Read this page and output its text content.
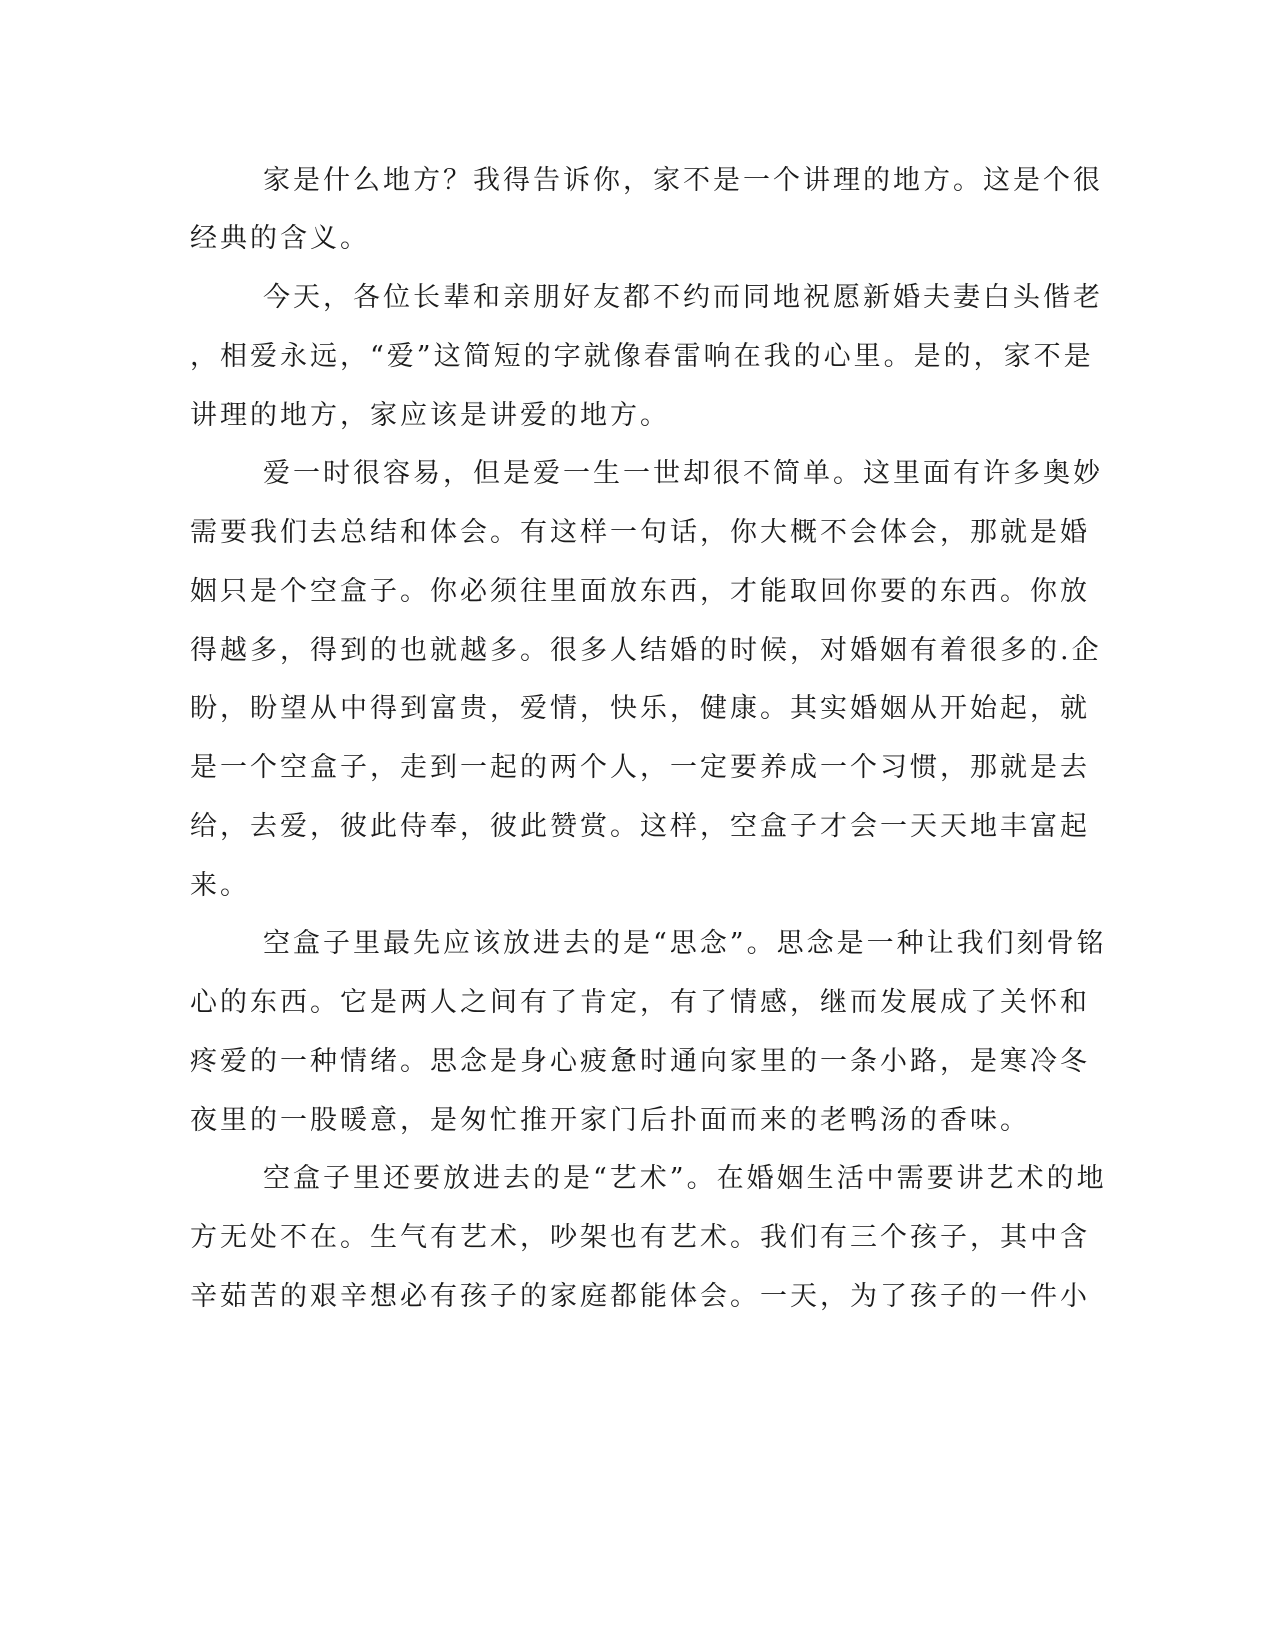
家是什么地方？我得告诉你，家不是一个讲理的地方。这是个很

经典的含义。

今天，各位长辈和亲朋好友都不约而同地祝愿新婚夫妻白头偕老

，相爱永远，“爱”这简短的字就像春雷响在我的心里。是的，家不是

讲理的地方，家应该是讲爱的地方。

爱一时很容易，但是爱一生一世却很不简单。这里面有许多奥妙

需要我们去总结和体会。有这样一句话，你大概不会体会，那就是婚

姻只是个空盒子。你必须往里面放东西，才能取回你要的东西。你放

得越多，得到的也就越多。很多人结婚的时候，对婚姻有着很多的.企

盼，盼望从中得到富贵，爱情，快乐，健康。其实婚姻从开始起，就

是一个空盒子，走到一起的两个人，一定要养成一个习惯，那就是去

给，去爱，彼此侍奉，彼此赞赏。这样，空盒子才会一天天地丰富起

来。

空盒子里最先应该放进去的是“思念”。思念是一种让我们刻骨铭

心的东西。它是两人之间有了肯定，有了情感，继而发展成了关怀和

疼爱的一种情绪。思念是身心疲惫时通向家里的一条小路，是寒冷冬

夜里的一股暖意，是匆忙推开家门后扑面而来的老鸭汤的香味。

空盒子里还要放进去的是“艺术”。在婚姻生活中需要讲艺术的地

方无处不在。生气有艺术，吵架也有艺术。我们有三个孩子，其中含

辛茹苦的艰辛想必有孩子的家庭都能体会。一天，为了孩子的一件小
